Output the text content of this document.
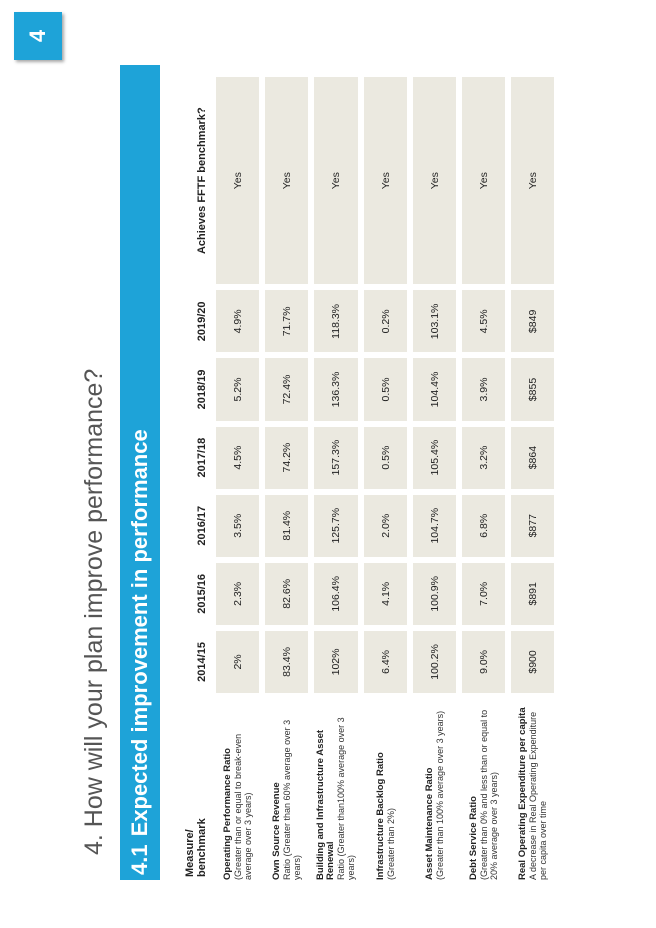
4
4. How will your plan improve performance?
4.1Expected improvement in performance
Measure/
benchmark	2014/15	2015/16	2016/17	2017/18	2018/19	2019/20	Achieves FFTF benchmark?

Operating Performance Ratio (Greater than or equal to break-even average over 3 years)	2%	2.3%	3.5%	4.5%	5.2%	4.9%	Yes

Own Source Revenue Ratio (Greater than 60% average over 3 years)	83.4%	82.6%	81.4%	74.2%	72.4%	71.7%	Yes

Building and Infrastructure Asset Renewal Ratio (Greater than100% average over 3 years)	102%	106.4%	125.7%	157.3%	136.3%	118.3%	Yes

Infrastructure Backlog Ratio (Greater than 2%)	6.4%	4.1%	2.0%	0.5%	0.5%	0.2%	Yes

Asset Maintenance Ratio (Greater than 100% average over 3 years)	100.2%	100.9%	104.7%	105.4%	104.4%	103.1%	Yes

Debt Service Ratio (Greater than 0% and less than or equal to 20% average over 3 years)	9.0%	7.0%	6.8%	3.2%	3.9%	4.5%	Yes

Real Operating Expenditure per capita A decrease in Real Operating Expenditure per capita over time	$900	$891	$877	$864	$855	$849	Yes
